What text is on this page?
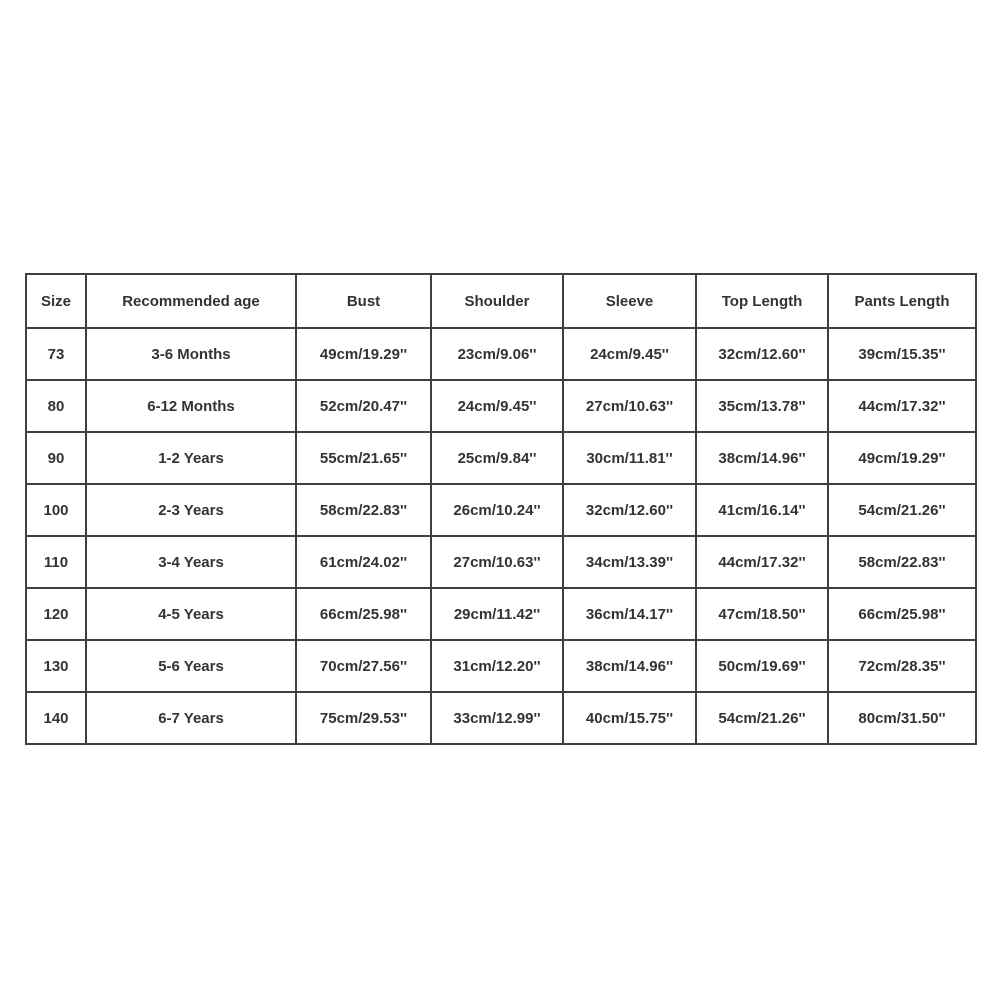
Size	Recommended age	Bust	Shoulder	Sleeve	Top Length	Pants Length
73	3-6 Months	49cm/19.29''	23cm/9.06''	24cm/9.45''	32cm/12.60''	39cm/15.35''
80	6-12 Months	52cm/20.47''	24cm/9.45''	27cm/10.63''	35cm/13.78''	44cm/17.32''
90	1-2 Years	55cm/21.65''	25cm/9.84''	30cm/11.81''	38cm/14.96''	49cm/19.29''
100	2-3 Years	58cm/22.83''	26cm/10.24''	32cm/12.60''	41cm/16.14''	54cm/21.26''
110	3-4 Years	61cm/24.02''	27cm/10.63''	34cm/13.39''	44cm/17.32''	58cm/22.83''
120	4-5 Years	66cm/25.98''	29cm/11.42''	36cm/14.17''	47cm/18.50''	66cm/25.98''
130	5-6 Years	70cm/27.56''	31cm/12.20''	38cm/14.96''	50cm/19.69''	72cm/28.35''
140	6-7 Years	75cm/29.53''	33cm/12.99''	40cm/15.75''	54cm/21.26''	80cm/31.50''
